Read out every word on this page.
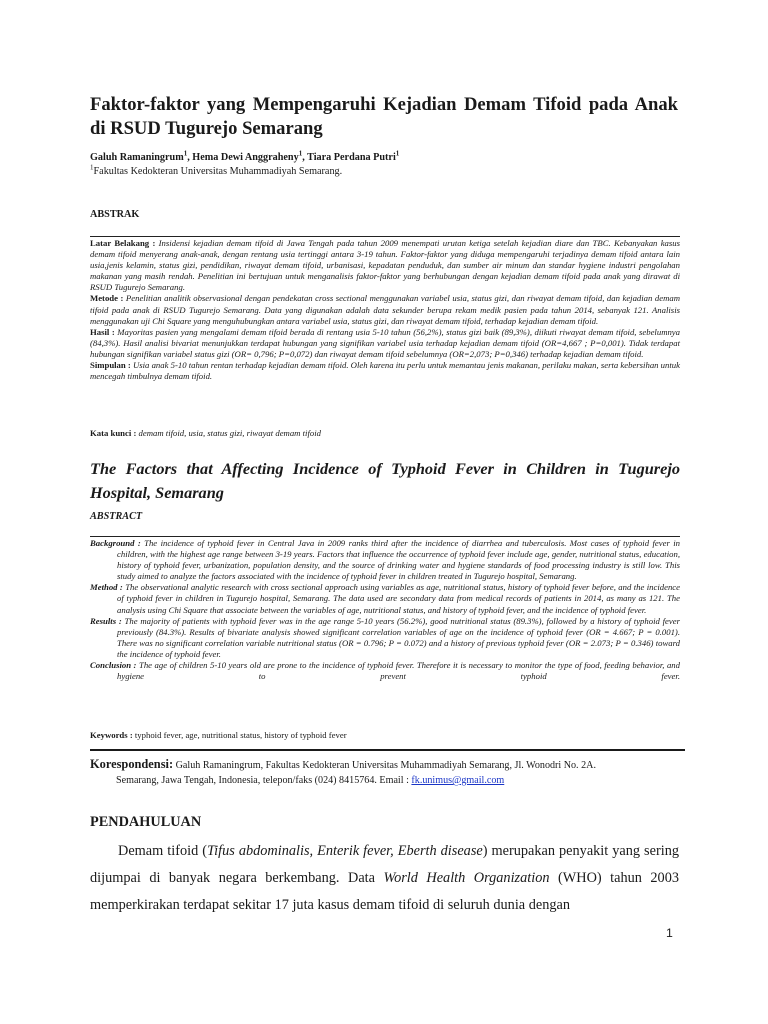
Faktor-faktor yang Mempengaruhi Kejadian Demam Tifoid pada Anak di RSUD Tugurejo Semarang
Galuh Ramaningrum$^1$, Hema Dewi Anggraheny$^1$, Tiara Perdana Putri$^1$
$^1$Fakultas Kedokteran Universitas Muhammadiyah Semarang.
ABSTRAK

Latar Belakang : Insidensi kejadian demam tifoid di Jawa Tengah pada tahun 2009 menempati urutan ketiga setelah kejadian diare dan TBC. Kebanyakan kasus demam tifoid menyerang anak-anak, dengan rentang usia tertinggi antara 3-19 tahun. Faktor-faktor yang diduga mempengaruhi terjadinya demam tifoid antara lain usia,jenis kelamin, status gizi, pendidikan, riwayat demam tifoid, urbanisasi, kepadatan penduduk, dan sumber air minum dan standar hygiene industri pengolahan makanan yang masih rendah. Penelitian ini bertujuan untuk menganalisis faktor-faktor yang berhubungan dengan kejadian demam tifoid pada anak yang dirawat di RSUD Tugurejo Semarang.

Metode : Penelitian analitik observasional dengan pendekatan cross sectional menggunakan variabel usia, status gizi, dan riwayat demam tifoid, dan kejadian demam tifoid pada anak di RSUD Tugurejo Semarang. Data yang digunakan adalah data sekunder berupa rekam medik pasien pada tahun 2014, sebanyak 121. Analisis menggunakan uji Chi Square yang menguhubungkan antara variabel usia, status gizi, dan riwayat demam tifoid, terhadap kejadian demam tifoid.

Hasil : Mayoritas pasien yang mengalami demam tifoid berada di rentang usia 5-10 tahun (56,2%), status gizi baik (89,3%), diikuti riwayat demam tifoid, sebelumnya (84,3%). Hasil analisi bivariat menunjukkan terdapat hubungan yang signifikan variabel usia terhadap kejadian demam tifoid (OR=4,667 ; P=0,001). Tidak terdapat hubungan signifikan variabel status gizi (OR= 0,796; P=0,072) dan riwayat demam tifoid sebelumnya (OR=2,073; P=0,346) terhadap kejadian demam tifoid.

Simpulan : Usia anak 5-10 tahun rentan terhadap kejadian demam tifoid. Oleh karena itu perlu untuk memantau jenis makanan, perilaku makan, serta kebersihan untuk mencegah timbulnya demam tifoid.

Kata kunci : demam tifoid, usia, status gizi, riwayat demam tifoid
The Factors that Affecting Incidence of Typhoid Fever in Children in Tugurejo Hospital, Semarang
ABSTRACT

Background : The incidence of typhoid fever in Central Java in 2009 ranks third after the incidence of diarrhea and tuberculosis. Most cases of typhoid fever in children, with the highest age range between 3-19 years. Factors that influence the occurrence of typhoid fever include age, gender, nutritional status, education, history of typhoid fever, urbanization, population density, and the source of drinking water and hygiene standards of food processing industry is still low. This study aimed to analyze the factors associated with the incidence of typhoid fever in children treated in Tugurejo hospital, Semarang.

Method : The observational analytic research with cross sectional approach using variables as age, nutritional status, history of typhoid fever before, and the incidence of typhoid fever in children in Tugurejo hospital, Semarang. The data used are secondary data from medical records of patients in 2014, as many as 121. The analysis using Chi Square that associate between the variables of age, nutritional status, and history of typhoid fever, and the incidence of typhoid fever.

Results : The majority of patients with typhoid fever was in the age range 5-10 years (56.2%), good nutritional status (89.3%), followed by a history of typhoid fever previously (84.3%). Results of bivariate analysis showed significant correlation variables of age on the incidence of typhoid fever (OR = 4.667; P = 0.001). There was no significant correlation variable nutritional status (OR = 0.796; P = 0.072) and a history of previous typhoid fever (OR = 2.073; P = 0.346) toward the incidence of typhoid fever.

Conclusion : The age of children 5-10 years old are prone to the incidence of typhoid fever. Therefore it is necessary to monitor the type of food, feeding behavior, and hygiene to prevent typhoid fever.

Keywords : typhoid fever, age, nutritional status, history of typhoid fever
Korespondensi: Galuh Ramaningrum, Fakultas Kedokteran Universitas Muhammadiyah Semarang, Jl. Wonodri No. 2A.
Semarang, Jawa Tengah, Indonesia, telepon/faks (024) 8415764. Email : fk.unimus@gmail.com
PENDAHULUAN

Demam tifoid (Tifus abdominalis, Enterik fever, Eberth disease) merupakan penyakit yang sering dijumpai di banyak negara berkembang. Data World Health Organization (WHO) tahun 2003 memperkirakan terdapat sekitar 17 juta kasus demam tifoid di seluruh dunia dengan

1
